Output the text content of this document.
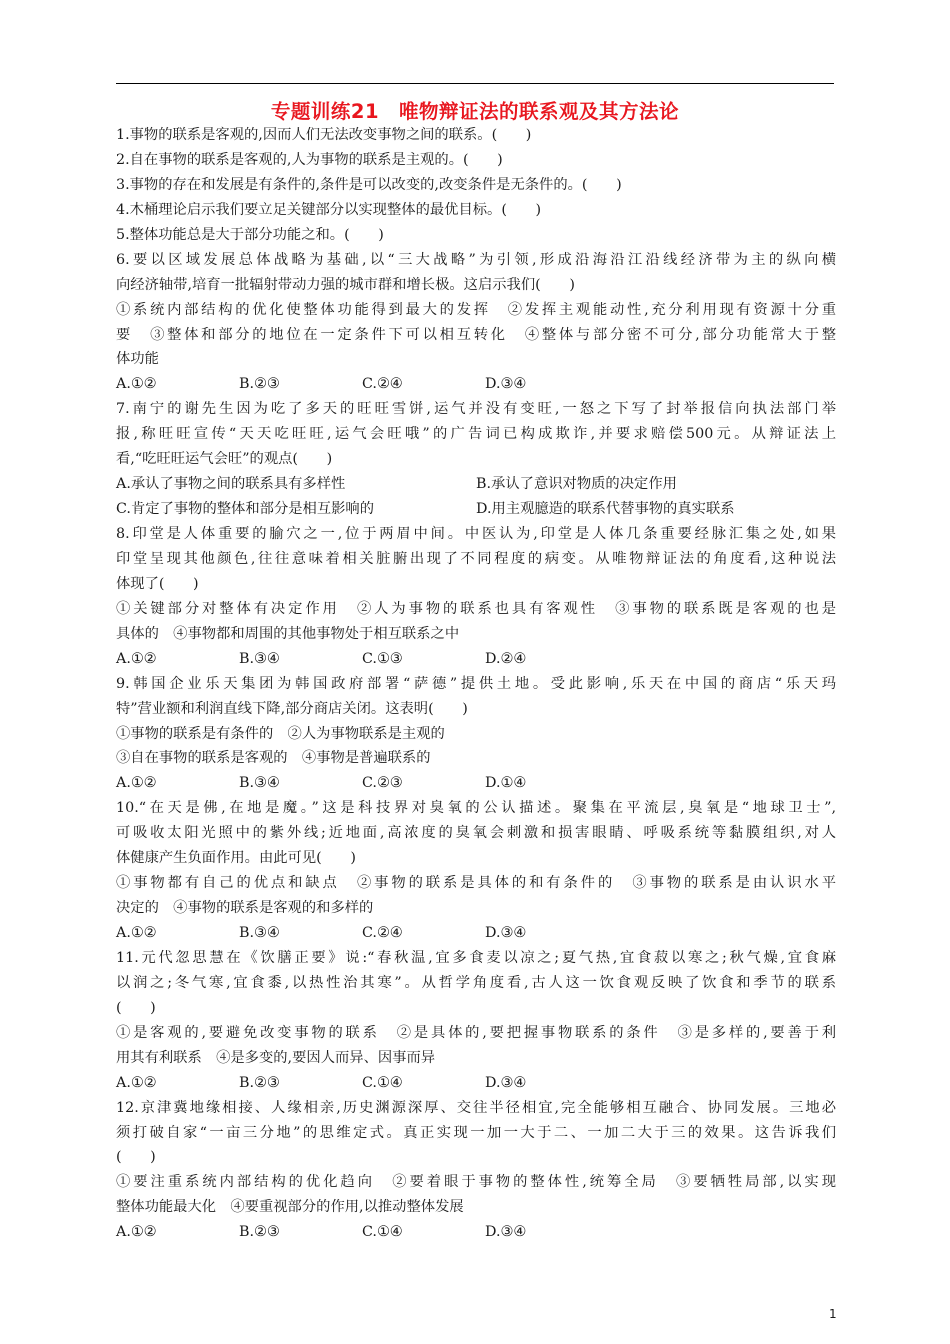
专题训练21　唯物辩证法的联系观及其方法论
1.事物的联系是客观的,因而人们无法改变事物之间的联系。(　　)
2.自在事物的联系是客观的,人为事物的联系是主观的。(　　)
3.事物的存在和发展是有条件的,条件是可以改变的,改变条件是无条件的。(　　)
4.木桶理论启示我们要立足关键部分以实现整体的最优目标。(　　)
5.整体功能总是大于部分功能之和。(　　)
6.要以区域发展总体战略为基础,以“三大战略”为引领,形成沿海沿江沿线经济带为主的纵向横
向经济轴带,培育一批辐射带动力强的城市群和增长极。这启示我们(　　)
①系统内部结构的优化使整体功能得到最大的发挥　②发挥主观能动性,充分利用现有资源十分重
要　③整体和部分的地位在一定条件下可以相互转化　④整体与部分密不可分,部分功能常大于整
体功能
A.①②	B.②③	C.②④	D.③④
7.南宁的谢先生因为吃了多天的旺旺雪饼,运气并没有变旺,一怒之下写了封举报信向执法部门举
报,称旺旺宣传“天天吃旺旺,运气会旺哦”的广告词已构成欺诈,并要求赔偿500元。从辩证法上
看,“吃旺旺运气会旺”的观点(　　)
A.承认了事物之间的联系具有多样性	B.承认了意识对物质的决定作用
C.肯定了事物的整体和部分是相互影响的	D.用主观臆造的联系代替事物的真实联系
8.印堂是人体重要的腧穴之一,位于两眉中间。中医认为,印堂是人体几条重要经脉汇集之处,如果
印堂呈现其他颜色,往往意味着相关脏腑出现了不同程度的病变。从唯物辩证法的角度看,这种说法
体现了(　　)
①关键部分对整体有决定作用　②人为事物的联系也具有客观性　③事物的联系既是客观的也是
具体的　④事物都和周围的其他事物处于相互联系之中
A.①②	B.③④	C.①③	D.②④
9.韩国企业乐天集团为韩国政府部署“萨德”提供土地。受此影响,乐天在中国的商店“乐天玛
特”营业额和利润直线下降,部分商店关闭。这表明(　　)
①事物的联系是有条件的　②人为事物联系是主观的
③自在事物的联系是客观的　④事物是普遍联系的
A.①②	B.③④	C.②③	D.①④
10.“在天是佛,在地是魔。”这是科技界对臭氧的公认描述。聚集在平流层,臭氧是“地球卫士”,
可吸收太阳光照中的紫外线;近地面,高浓度的臭氧会刺激和损害眼睛、呼吸系统等黏膜组织,对人
体健康产生负面作用。由此可见(　　)
①事物都有自己的优点和缺点　②事物的联系是具体的和有条件的　③事物的联系是由认识水平
决定的　④事物的联系是客观的和多样的
A.①②	B.③④	C.②④	D.③④
11.元代忽思慧在《饮膳正要》说:“春秋温,宜多食麦以凉之;夏气热,宜食菽以寒之;秋气燥,宜食麻
以润之;冬气寒,宜食黍,以热性治其寒”。从哲学角度看,古人这一饮食观反映了饮食和季节的联系
(　　)
①是客观的,要避免改变事物的联系　②是具体的,要把握事物联系的条件　③是多样的,要善于利
用其有利联系　④是多变的,要因人而异、因事而异
A.①②	B.②③	C.①④	D.③④
12.京津冀地缘相接、人缘相亲,历史渊源深厚、交往半径相宜,完全能够相互融合、协同发展。三地必
须打破自家“一亩三分地”的思维定式。真正实现一加一大于二、一加二大于三的效果。这告诉我们
(　　)
①要注重系统内部结构的优化趋向　②要着眼于事物的整体性,统筹全局　③要牺牲局部,以实现
整体功能最大化　④要重视部分的作用,以推动整体发展
A.①②	B.②③	C.①④	D.③④
1
